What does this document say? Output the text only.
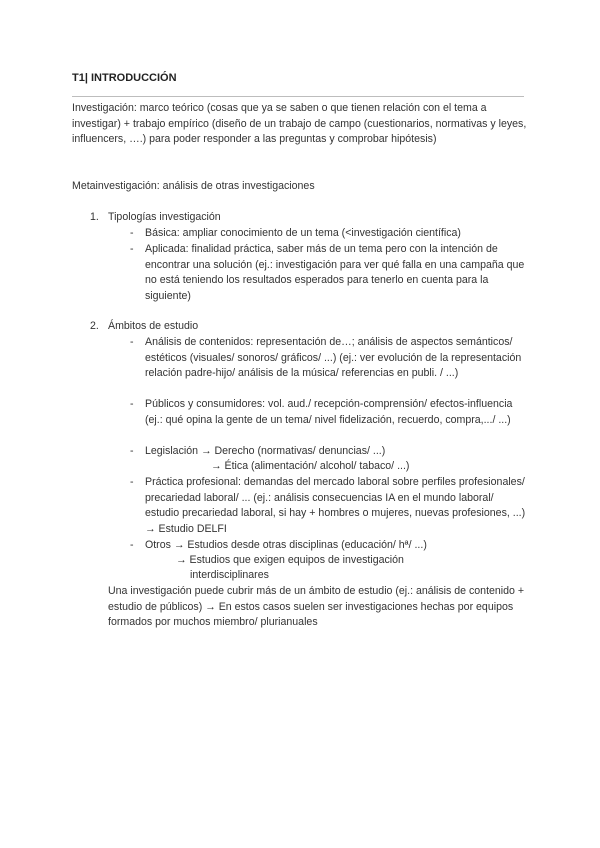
T1| INTRODUCCIÓN

Investigación: marco teórico (cosas que ya se saben o que tienen relación con el tema a investigar) + trabajo empírico (diseño de un trabajo de campo (cuestionarios, normativas y leyes, influencers, ….) para poder responder a las preguntas y comprobar hipótesis)

Metainvestigación: análisis de otras investigaciones

1. Tipologías investigación
- Básica: ampliar conocimiento de un tema (<investigación científica)

- Aplicada: finalidad práctica, saber más de un tema pero con la intención de encontrar una solución (ej.: investigación para ver qué falla en una campaña que no está teniendo los resultados esperados para tenerlo en cuenta para la siguiente)

2. Ámbitos de estudio
- Análisis de contenidos: representación de…; análisis de aspectos semánticos/ estéticos (visuales/ sonoros/ gráficos/ ...) (ej.: ver evolución de la representación relación padre-hijo/ análisis de la música/ referencias en publi. / ...)

- Públicos y consumidores: vol. aud./ recepción-comprensión/ efectos-influencia (ej.: qué opina la gente de un tema/ nivel fidelización, recuerdo, compra,.../ ...)

- Legislación → Derecho (normativas/ denuncias/ ...)
→ Ética (alimentación/ alcohol/ tabaco/ ...)
- Práctica profesional: demandas del mercado laboral sobre perfiles profesionales/ precariedad laboral/ ... (ej.: análisis consecuencias IA en el mundo laboral/ estudio precariedad laboral, si hay + hombres o mujeres, nuevas profesiones, ...) → Estudio DELFI

- Otros → Estudios desde otras disciplinas (educación/ hª/ ...)
→ Estudios que exigen equipos de investigación
interdisciplinares

Una investigación puede cubrir más de un ámbito de estudio (ej.: análisis de contenido + estudio de públicos) → En estos casos suelen ser investigaciones hechas por equipos formados por muchos miembro/ plurianuales
